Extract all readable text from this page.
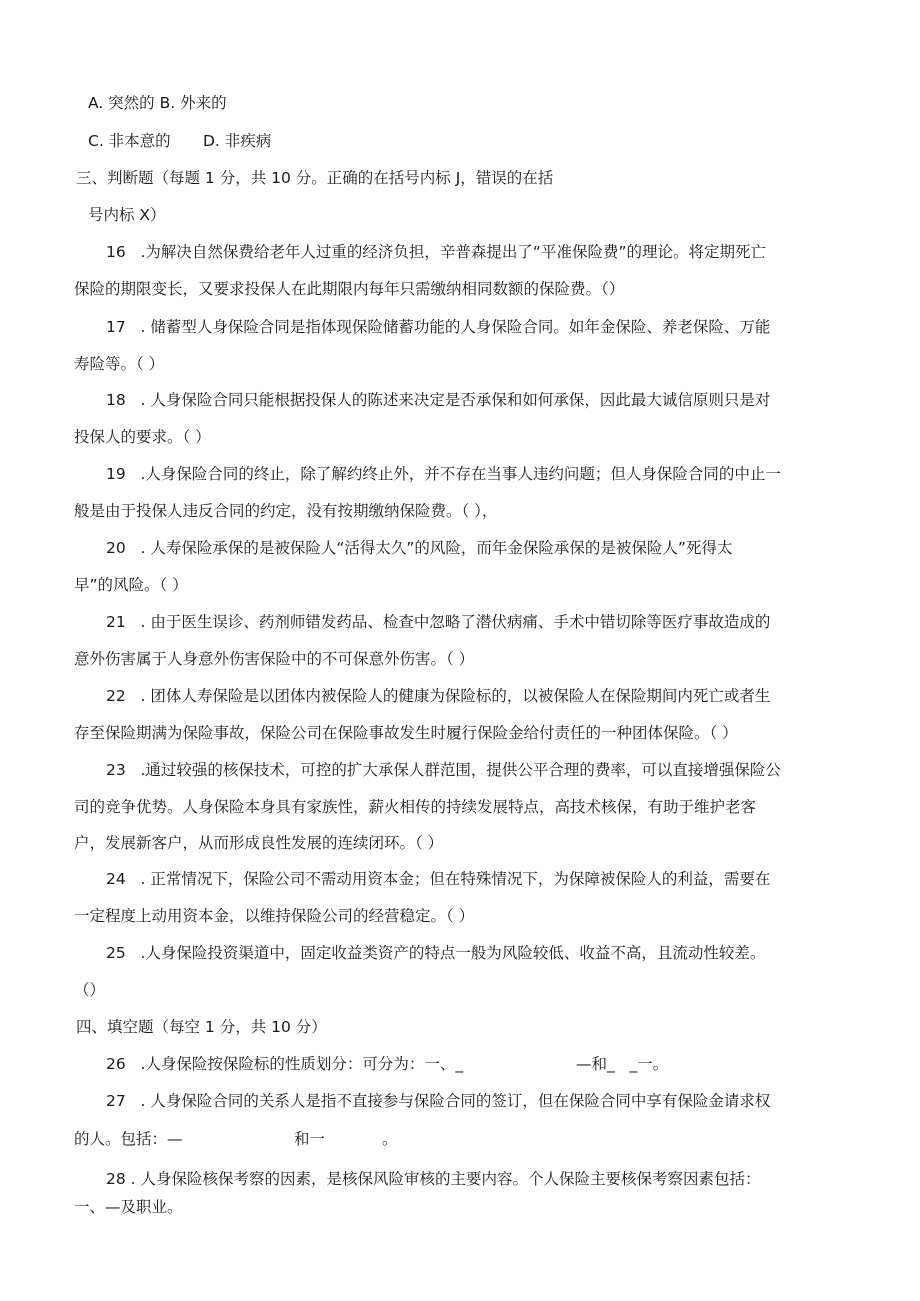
A. 突然的 B. 外来的
C. 非本意的 D. 非疾病
三、判断题（每题 1 分，共 10 分。正确的在括号内标 J，错误的在括
号内标 X）
16   .为解决自然保费给老年人过重的经济负担，辛普森提出了“平准保险费”的理论。将定期死亡
保险的期限变长，又要求投保人在此期限内每年只需缴纳相同数额的保险费。（）
17   . 储蓄型人身保险合同是指体现保险储蓄功能的人身保险合同。如年金保险、养老保险、万能
寿险等。（ ）
18   . 人身保险合同只能根据投保人的陈述来决定是否承保和如何承保，因此最大诚信原则只是对
投保人的要求。（ ）
19   .人身保险合同的终止，除了解约终止外，并不存在当事人违约问题；但人身保险合同的中止一
般是由于投保人违反合同的约定，没有按期缴纳保险费。（ ），
20   . 人寿保险承保的是被保险人“活得太久”的风险，而年金保险承保的是被保险人”死得太
早”的风险。（ ）
21   . 由于医生误诊、药剂师错发药品、检查中忽略了潜伏病痛、手术中错切除等医疗事故造成的
意外伤害属于人身意外伤害保险中的不可保意外伤害。（ ）
22   . 团体人寿保险是以团体内被保险人的健康为保险标的，以被保险人在保险期间内死亡或者生
存至保险期满为保险事故，保险公司在保险事故发生时履行保险金给付责任的一种团体保险。（ ）
23   .通过较强的核保技术，可控的扩大承保人群范围，提供公平合理的费率，可以直接增强保险公
司的竞争优势。人身保险本身具有家族性，薪火相传的持续发展特点，高技术核保，有助于维护老客
户，发展新客户，从而形成良性发展的连续闭环。（ ）
24   . 正常情况下，保险公司不需动用资本金；但在特殊情况下，为保障被保险人的利益，需要在
一定程度上动用资本金，以维持保险公司的经营稳定。（ ）
25   .人身保险投资渠道中，固定收益类资产的特点一般为风险较低、收益不高，且流动性较差。
（）
四、填空题（每空 1 分，共 10 分）
26   .人身保险按保险标的性质划分：可分为：一、_	—和_   _一。
27   . 人身保险合同的关系人是指不直接参与保险合同的签订，但在保险合同中享有保险金请求权
的人。包括：—	和一	。
28 . 人身保险核保考察的因素，是核保风险审核的主要内容。个人保险主要核保考察因素包括：
一、—及职业。
